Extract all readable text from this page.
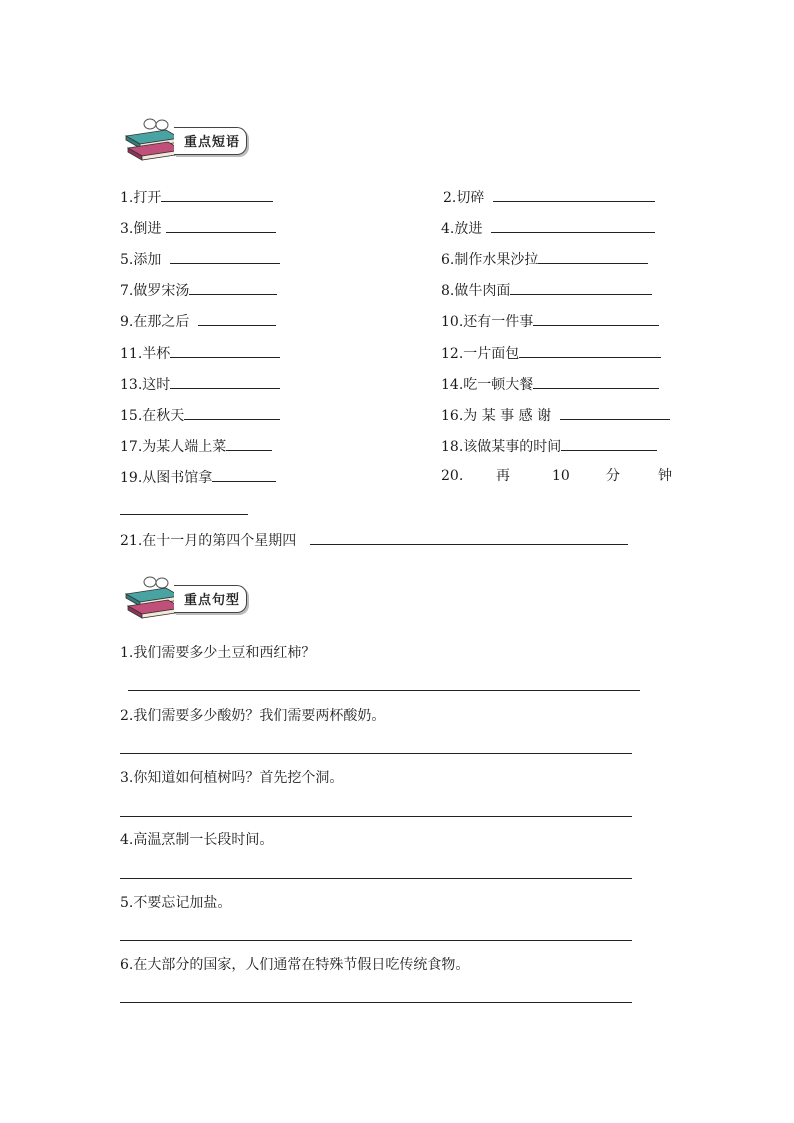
重点短语
1.打开
3.倒进
5.添加
7.做罗宋汤
9.在那之后
11.半杯
13.这时
15.在秋天
17.为某人端上菜
19.从图书馆拿
2.切碎
4.放进
6.制作水果沙拉
8.做牛肉面
10.还有一件事
12.一片面包
14.吃一顿大餐
16.为 某 事 感 谢
18.该做某事的时间
20. 再	10	分	钟
21.在十一月的第四个星期四
重点句型
1.我们需要多少土豆和西红柿？
2.我们需要多少酸奶？我们需要两杯酸奶。
3.你知道如何植树吗？首先挖个洞。
4.高温烹制一长段时间。
5.不要忘记加盐。
6.在大部分的国家，人们通常在特殊节假日吃传统食物。
